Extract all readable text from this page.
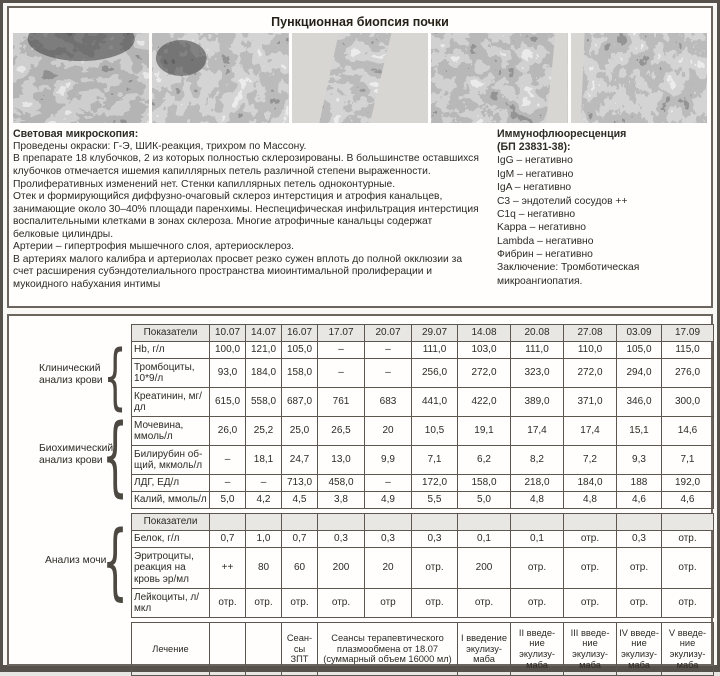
Пункционная биопсия почки

Световая микроскопия:

Проведены окраски: Г-Э, ШИК-реакция, трихром по Массону.

В препарате 18 клубочков, 2 из которых полностью склерозированы. В большинстве оставшихся клубочков отмечается ишемия капиллярных петель различной степени выраженности.

Пролиферативных изменений нет. Стенки капиллярных петель одноконтурные.

Отек и формирующийся диффузно-очаговый склероз интерстиция и атрофия канальцев, занимающие около 30–40% площади паренхимы. Неспецифическая инфильтрация интерстиция воспалительными клетками в зонах склероза. Многие атрофичные канальцы содержат белковые цилиндры.

Артерии – гипертрофия мышечного слоя, артериосклероз.

В артериях малого калибра и артериолах просвет резко сужен вплоть до полной окклюзии за счет расширения субэндотелиального пространства миоинтимальной пролиферации и мукоидного набухания интимы

Иммунофлюоресценция
(БП 23831-38):

IgG – негативно
IgM – негативно
IgA – негативно
C3 – эндотелий сосудов ++
C1q – негативно
Kappa – негативно
Lambda – негативно
Фибрин – негативно
Заключение: Тромботическая микроангиопатия.
Клинический анализ крови
Биохимический анализ крови
Анализ мочи
{
{
{
Показатели	10.07	14.07	16.07	17.07	20.07	29.07	14.08	20.08	27.08	03.09	17.09
Hb, г/л	100,0	121,0	105,0	–	–	111,0	103,0	111,0	110,0	105,0	115,0
Тромбоциты, 10*9/л	93,0	184,0	158,0	–	–	256,0	272,0	323,0	272,0	294,0	276,0
Креатинин, мг/дл	615,0	558,0	687,0	761	683	441,0	422,0	389,0	371,0	346,0	300,0
Мочевина, ммоль/л	26,0	25,2	25,0	26,5	20	10,5	19,1	17,4	17,4	15,1	14,6
Билирубин общий, мкмоль/л	–	18,1	24,7	13,0	9,9	7,1	6,2	8,2	7,2	9,3	7,1
ЛДГ, ЕД/л	–	–	713,0	458,0	–	172,0	158,0	218,0	184,0	188	192,0
Калий, ммоль/л	5,0	4,2	4,5	3,8	4,9	5,5	5,0	4,8	4,8	4,6	4,6
Показатели											
Белок, г/л	0,7	1,0	0,7	0,3	0,3	0,3	0,1	0,1	отр.	0,3	отр.
Эритроциты, реакция на кровь эр/мл	++	80	60	200	20	отр.	200	отр.	отр.	отр.	отр.
Лейкоциты, л/мкл	отр.	отр.	отр.	отр.	отр	отр.	отр.	отр.	отр.	отр.	отр.
Лечение			Сеансы ЗПТ	Сеансы терапевтического плазмообмена от 18.07 (суммарный объем 16000 мл)	I введение экулизумаба	II введение экулизумаба	III введение экулизумаба	IV введение экулизумаба	V введение экулизумаба
